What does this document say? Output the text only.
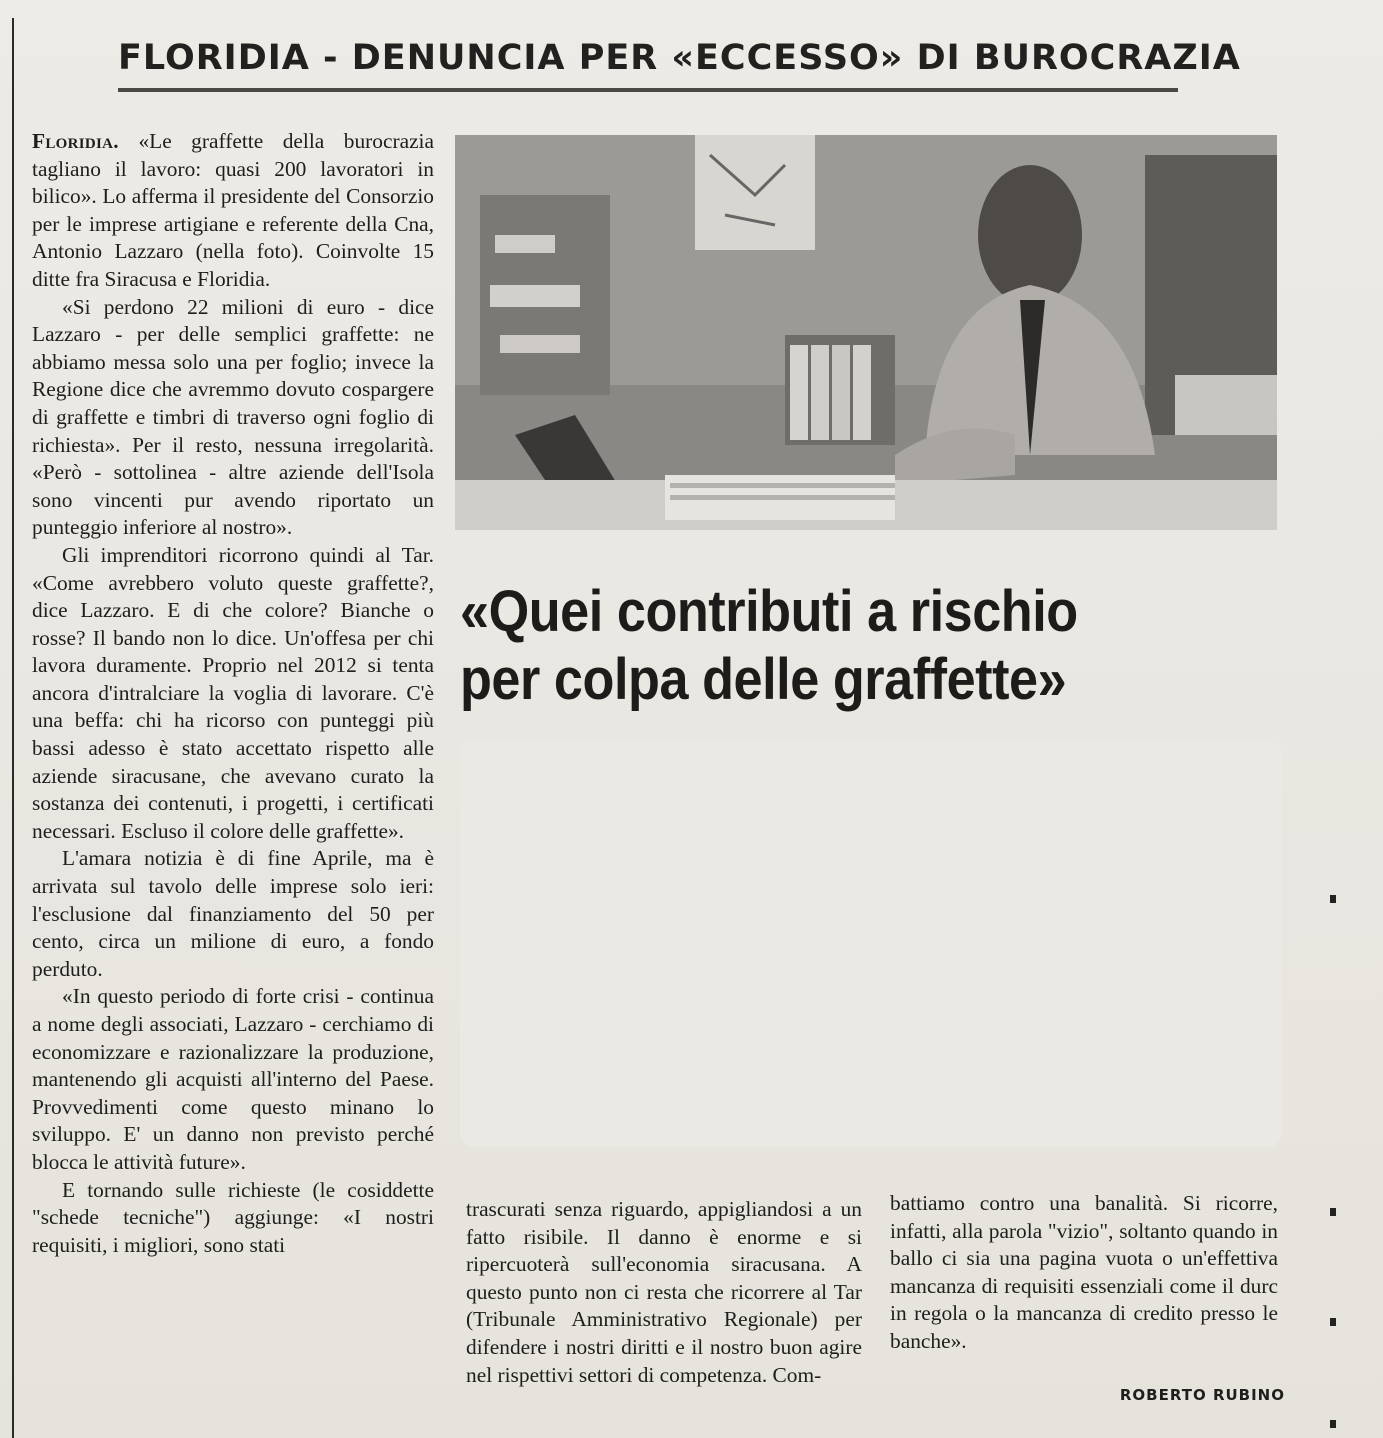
FLORIDIA - DENUNCIA PER «ECCESSO» DI BUROCRAZIA

Floridia. «Le graffette della burocrazia tagliano il lavoro: quasi 200 lavoratori in bilico». Lo afferma il presidente del Consorzio per le imprese artigiane e referente della Cna, Antonio Lazzaro (nella foto). Coinvolte 15 ditte fra Siracusa e Floridia.

«Si perdono 22 milioni di euro - dice Lazzaro - per delle semplici graffette: ne abbiamo messa solo una per foglio; invece la Regione dice che avremmo dovuto cospargere di graffette e timbri di traverso ogni foglio di richiesta». Per il resto, nessuna irregolarità. «Però - sottolinea - altre aziende dell'Isola sono vincenti pur avendo riportato un punteggio inferiore al nostro».

Gli imprenditori ricorrono quindi al Tar. «Come avrebbero voluto queste graffette?, dice Lazzaro. E di che colore? Bianche o rosse? Il bando non lo dice. Un'offesa per chi lavora duramente. Proprio nel 2012 si tenta ancora d'intralciare la voglia di lavorare. C'è una beffa: chi ha ricorso con punteggi più bassi adesso è stato accettato rispetto alle aziende siracusane, che avevano curato la sostanza dei contenuti, i progetti, i certificati necessari. Escluso il colore delle graffette».

L'amara notizia è di fine Aprile, ma è arrivata sul tavolo delle imprese solo ieri: l'esclusione dal finanziamento del 50 per cento, circa un milione di euro, a fondo perduto.

«In questo periodo di forte crisi - continua a nome degli associati, Lazzaro - cerchiamo di economizzare e razionalizzare la produzione, mantenendo gli acquisti all'interno del Paese. Provvedimenti come questo minano lo sviluppo. E' un danno non previsto perché blocca le attività future».

E tornando sulle richieste (le cosiddette "schede tecniche") aggiunge: «I nostri requisiti, i migliori, sono stati

«Quei contributi a rischio
per colpa delle graffette»

trascurati senza riguardo, appigliandosi a un fatto risibile. Il danno è enorme e si ripercuoterà sull'economia siracusana. A questo punto non ci resta che ricorrere al Tar (Tribunale Amministrativo Regionale) per difendere i nostri diritti e il nostro buon agire nel rispettivi settori di competenza. Com-

battiamo contro una banalità. Si ricorre, infatti, alla parola "vizio", soltanto quando in ballo ci sia una pagina vuota o un'effettiva mancanza di requisiti essenziali come il durc in regola o la mancanza di credito presso le banche».

ROBERTO RUBINO
